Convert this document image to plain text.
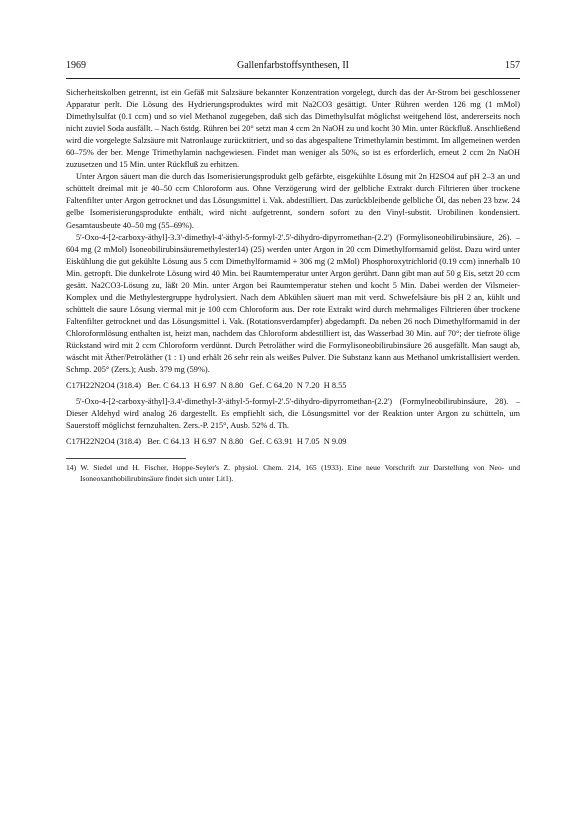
1969	Gallenfarbstoffsynthesen, II	157

Sicherheitskolben getrennt, ist ein Gefäß mit Salzsäure bekannter Konzentration vorgelegt, durch das der Ar-Strom bei geschlossener Apparatur perlt. Die Lösung des Hydrierungsproduktes wird mit Na2CO3 gesättigt. Unter Rühren werden 126 mg (1 mMol) Dimethylsulfat (0.1 ccm) und so viel Methanol zugegeben, daß sich das Dimethylsulfat möglichst weitgehend löst, andererseits noch nicht zuviel Soda ausfällt. – Nach 6stdg. Rühren bei 20° setzt man 4 ccm 2n NaOH zu und kocht 30 Min. unter Rückfluß. Anschließend wird die vorgelegte Salzsäure mit Natronlauge zurücktitriert, und so das abgespaltene Trimethylamin bestimmt. Im allgemeinen werden 60–75% der ber. Menge Trimethylamin nachgewiesen. Findet man weniger als 50%, so ist es erforderlich, erneut 2 ccm 2n NaOH zuzusetzen und 15 Min. unter Rückfluß zu erhitzen.

Unter Argon säuert man die durch das Isomerisierungsprodukt gelb gefärbte, eisgekühlte Lösung mit 2n H2SO4 auf pH 2–3 an und schüttelt dreimal mit je 40–50 ccm Chloroform aus. Ohne Verzögerung wird der gelbliche Extrakt durch Filtrieren über trockene Faltenfilter unter Argon getrocknet und das Lösungsmittel i. Vak. abdestilliert. Das zurückbleibende gelbliche Öl, das neben 23 bzw. 24 gelbe Isomerisierungsprodukte enthält, wird nicht aufgetrennt, sondern sofort zu den Vinyl-substit. Urobilinen kondensiert. Gesamtausbeute 40–50 mg (55–69%).

5'-Oxo-4-[2-carboxy-äthyl]-3.3'-dimethyl-4'-äthyl-5-formyl-2'.5'-dihydro-dipyrromethan-(2.2') (Formylisoneobilirubinsäure, 26). – 604 mg (2 mMol) Isoneobilirubinsäuremethylester14) (25) werden unter Argon in 20 ccm Dimethylformamid gelöst. Dazu wird unter Eiskühlung die gut gekühlte Lösung aus 5 ccm Dimethylformamid + 306 mg (2 mMol) Phosphoroxytrichlorid (0.19 ccm) innerhalb 10 Min. getropft. Die dunkelrote Lösung wird 40 Min. bei Raumtemperatur unter Argon gerührt. Dann gibt man auf 50 g Eis, setzt 20 ccm gesätt. Na2CO3-Lösung zu, läßt 20 Min. unter Argon bei Raumtemperatur stehen und kocht 5 Min. Dabei werden der Vilsmeier-Komplex und die Methylestergruppe hydrolysiert. Nach dem Abkühlen säuert man mit verd. Schwefelsäure bis pH 2 an, kühlt und schüttelt die saure Lösung viermal mit je 100 ccm Chloroform aus. Der rote Extrakt wird durch mehrmaliges Filtrieren über trockene Faltenfilter getrocknet und das Lösungsmittel i. Vak. (Rotationsverdampfer) abgedampft. Da neben 26 noch Dimethylformamid in der Chloroformlösung enthalten ist, heizt man, nachdem das Chloroform abdestilliert ist, das Wasserbad 30 Min. auf 70°; der tiefrote ölige Rückstand wird mit 2 ccm Chloroform verdünnt. Durch Petroläther wird die Formylisoneobilirubinsäure 26 ausgefällt. Man saugt ab, wäscht mit Äther/Petroläther (1 : 1) und erhält 26 sehr rein als weißes Pulver. Die Substanz kann aus Methanol umkristallisiert werden. Schmp. 205° (Zers.); Ausb. 379 mg (59%).

C17H22N2O4 (318.4)   Ber. C 64.13  H 6.97  N 8.80   Gef. C 64.20  N 7.20  H 8.55

5'-Oxo-4-[2-carboxy-äthyl]-3.4'-dimethyl-3'-äthyl-5-formyl-2'.5'-dihydro-dipyrromethan-(2.2') (Formylneobilirubinsäure, 28). – Dieser Aldehyd wird analog 26 dargestellt. Es empfiehlt sich, die Lösungsmittel vor der Reaktion unter Argon zu schütteln, um Sauerstoff möglichst fernzuhalten. Zers.-P. 215°, Ausb. 52% d. Th.

C17H22N2O4 (318.4)   Ber. C 64.13  H 6.97  N 8.80   Gef. C 63.91  H 7.05  N 9.09

14) W. Siedel und H. Fischer, Hoppe-Seyler's Z. physiol. Chem. 214, 165 (1933). Eine neue Vorschrift zur Darstellung von Neo- und Isoneoxanthobilirubinsäure findet sich unter Lit1).
